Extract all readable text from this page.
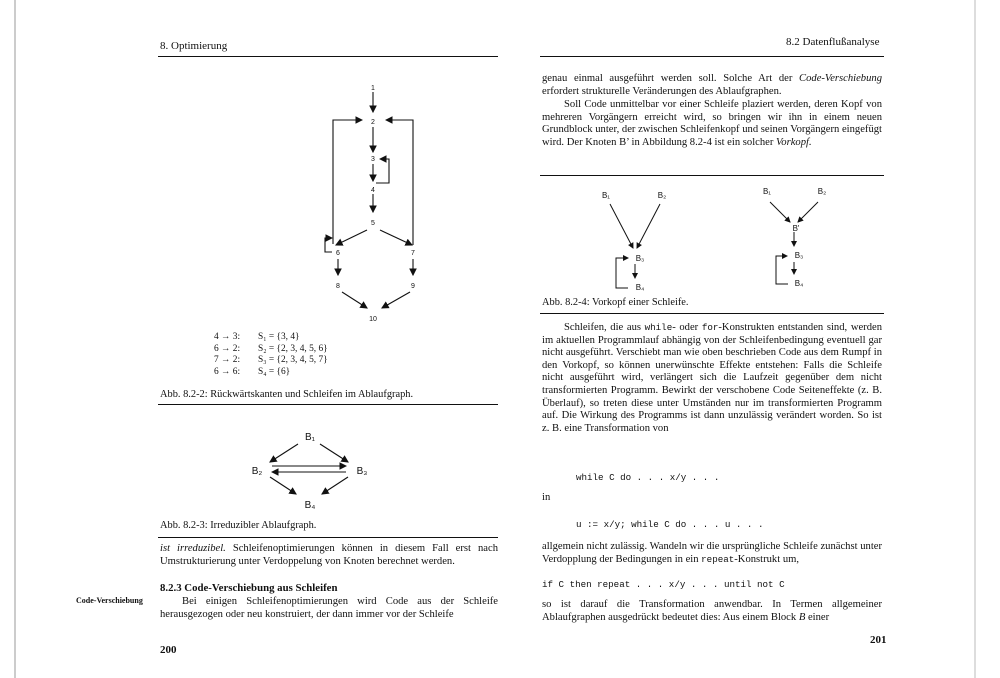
8. Optimierung
1
2
3
4
5
6	7
8	9
10
4 → 3: S₁ = {3, 4}
6 → 2: S₂ = {2, 3, 4, 5, 6}
7 → 2: S₃ = {2, 3, 4, 5, 7}
6 → 6: S₄ = {6}
Abb. 8.2-2: Rückwärtskanten und Schleifen im Ablaufgraph.
B₁
B₂	B₃
B₄
Abb. 8.2-3: Irreduzibler Ablaufgraph.
ist irreduzibel. Schleifenoptimierungen können in diesem Fall erst nach Umstrukturierung unter Verdoppelung von Knoten berechnet werden.
Code-Verschiebung
8.2.3 Code-Verschiebung aus Schleifen
Bei einigen Schleifenoptimierungen wird Code aus der Schleife herausgezogen oder neu konstruiert, der dann immer vor der Schleife
200
8.2 Datenflußanalyse
genau einmal ausgeführt werden soll. Solche Art der Code-Verschiebung erfordert strukturelle Veränderungen des Ablaufgraphen.
Soll Code unmittelbar vor einer Schleife plaziert werden, deren Kopf von mehreren Vorgängern erreicht wird, so bringen wir ihn in einem neuen Grundblock unter, der zwischen Schleifenkopf und seinen Vorgängern eingefügt wird. Der Knoten B’ in Abbildung 8.2-4 ist ein solcher Vorkopf.
B₁	B₂
B₃
B₄
B₁	B₂
B'
B₃
B₄
Abb. 8.2-4: Vorkopf einer Schleife.
Schleifen, die aus while- oder for-Konstrukten entstanden sind, werden im aktuellen Programmlauf abhängig von der Schleifenbedingung eventuell gar nicht ausgeführt. Verschiebt man wie oben beschrieben Code aus dem Rumpf in den Vorkopf, so können unerwünschte Effekte entstehen: Falls die Schleife nicht ausgeführt wird, verlängert sich die Laufzeit gegenüber dem nicht transformierten Programm. Bewirkt der verschobene Code Seiteneffekte (z. B. Überlauf), so treten diese unter Umständen nur im transformierten Programm auf. Die Wirkung des Programms ist dann unzulässig verändert worden. So ist z. B. eine Transformation von
while C do . . . x/y . . .
in
u := x/y; while C do . . . u . . .
allgemein nicht zulässig. Wandeln wir die ursprüngliche Schleife zunächst unter Verdopplung der Bedingungen in ein repeat-Konstrukt um,
if C then repeat . . . x/y . . . until not C
so ist darauf die Transformation anwendbar. In Termen allgemeiner Ablaufgraphen ausgedrückt bedeutet dies: Aus einem Block B einer
201
